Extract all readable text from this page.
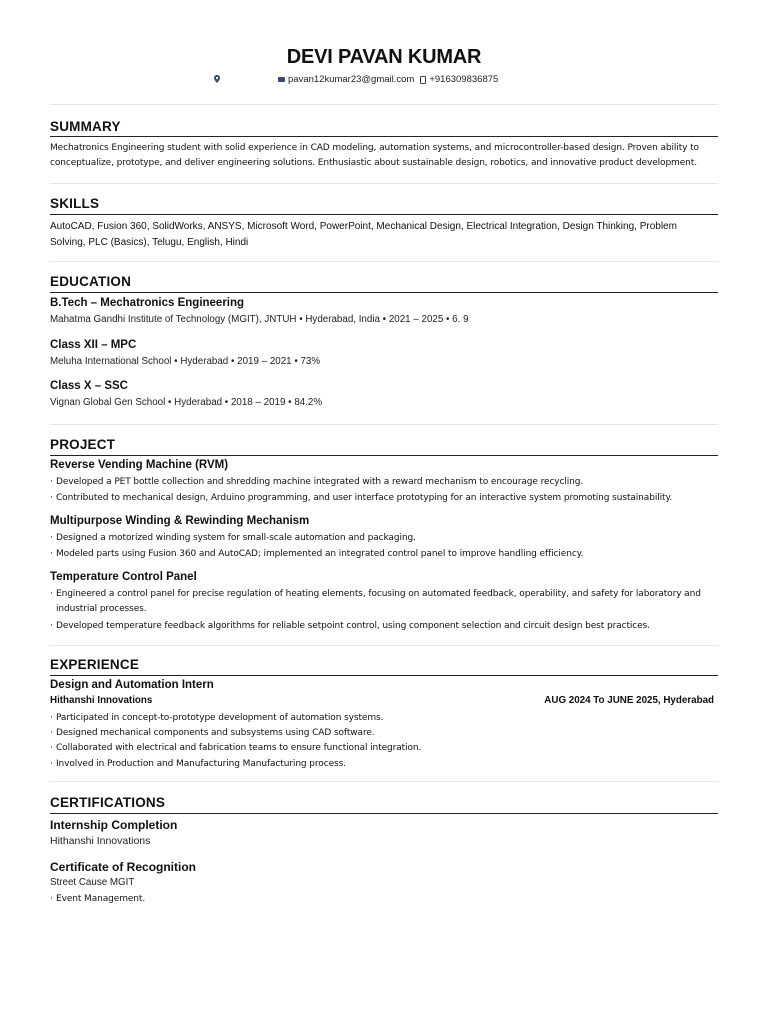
DEVI PAVAN KUMAR
pavan12kumar23@gmail.com +916309836875
SUMMARY
Mechatronics Engineering student with solid experience in CAD modeling, automation systems, and microcontroller-based design. Proven ability to
conceptualize, prototype, and deliver engineering solutions. Enthusiastic about sustainable design, robotics, and innovative product development.
SKILLS
AutoCAD, Fusion 360, SolidWorks, ANSYS, Microsoft Word, PowerPoint, Mechanical Design, Electrical Integration, Design Thinking, Problem
Solving, PLC (Basics), Telugu, English, Hindi
EDUCATION
B.Tech – Mechatronics Engineering
Mahatma Gandhi Institute of Technology (MGIT), JNTUH • Hyderabad, India • 2021 – 2025 • 6. 9
Class XII – MPC
Meluha International School • Hyderabad • 2019 – 2021 • 73%
Class X – SSC
Vignan Global Gen School • Hyderabad • 2018 – 2019 • 84.2%
PROJECT
Reverse Vending Machine (RVM)
· Developed a PET bottle collection and shredding machine integrated with a reward mechanism to encourage recycling.
· Contributed to mechanical design, Arduino programming, and user interface prototyping for an interactive system promoting sustainability.
Multipurpose Winding & Rewinding Mechanism
· Designed a motorized winding system for small-scale automation and packaging.
· Modeled parts using Fusion 360 and AutoCAD; implemented an integrated control panel to improve handling efficiency.
Temperature Control Panel
· Engineered a control panel for precise regulation of heating elements, focusing on automated feedback, operability, and safety for laboratory and
industrial processes.
· Developed temperature feedback algorithms for reliable setpoint control, using component selection and circuit design best practices.
EXPERIENCE
Design and Automation Intern
Hithanshi Innovations	AUG 2024 To JUNE 2025, Hyderabad
· Participated in concept-to-prototype development of automation systems.
· Designed mechanical components and subsystems using CAD software.
· Collaborated with electrical and fabrication teams to ensure functional integration.
· Involved in Production and Manufacturing Manufacturing process.
CERTIFICATIONS
Internship Completion
Hithanshi Innovations
Certificate of Recognition
Street Cause MGIT
· Event Management.
